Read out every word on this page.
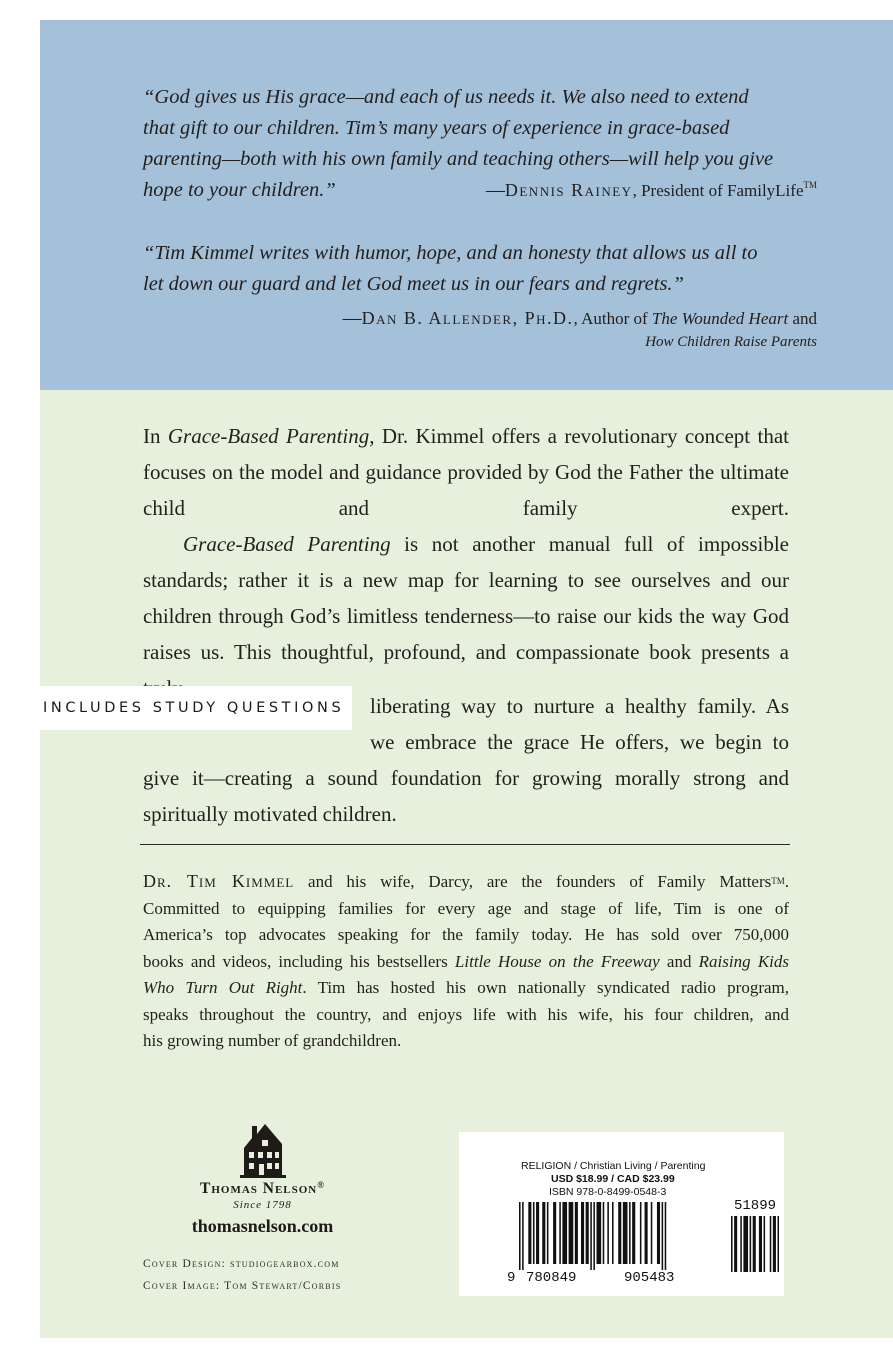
“God gives us His grace—and each of us needs it. We also need to extend that gift to our children. Tim’s many years of experience in grace-based parenting—both with his own family and teaching others—will help you give hope to your children.”	—Dennis Rainey, President of FamilyLife™
“Tim Kimmel writes with humor, hope, and an honesty that allows us all to let down our guard and let God meet us in our fears and regrets.”
—Dan B. Allender, Ph.D., Author of The Wounded Heart and
How Children Raise Parents

In Grace-Based Parenting, Dr. Kimmel offers a revolutionary concept that focuses on the model and guidance provided by God the Father the ultimate child and family expert.

Grace-Based Parenting is not another manual full of impossible standards; rather it is a new map for learning to see ourselves and our children through God’s limitless tenderness—to raise our kids the way God raises us. This thoughtful, profound, and compassionate book presents a

liberating way to nurture a healthy family. As

we embrace the grace He offers, we begin to

give it—creating a sound foundation for growing morally strong and

spiritually motivated children.

INCLUDES STUDY QUESTIONS
Dr. Tim Kimmel and his wife, Darcy, are the founders of Family Matters™.
Committed to equipping families for every age and stage of life, Tim is one of
America’s top advocates speaking for the family today. He has sold over 750,000
books and videos, including his bestsellers Little House on the Freeway and Raising Kids
Who Turn Out Right. Tim has hosted his own nationally syndicated radio program,
speaks throughout the country, and enjoys life with his wife, his four children, and
his growing number of grandchildren.
Thomas Nelson®
Since 1798
thomasnelson.com
Cover Design: studiogearbox.com
Cover Image: Tom Stewart/Corbis
RELIGION / Christian Living / Parenting
USD $18.99 / CAD $23.99
ISBN 978-0-8499-0548-3
9 780849	905483
51899
